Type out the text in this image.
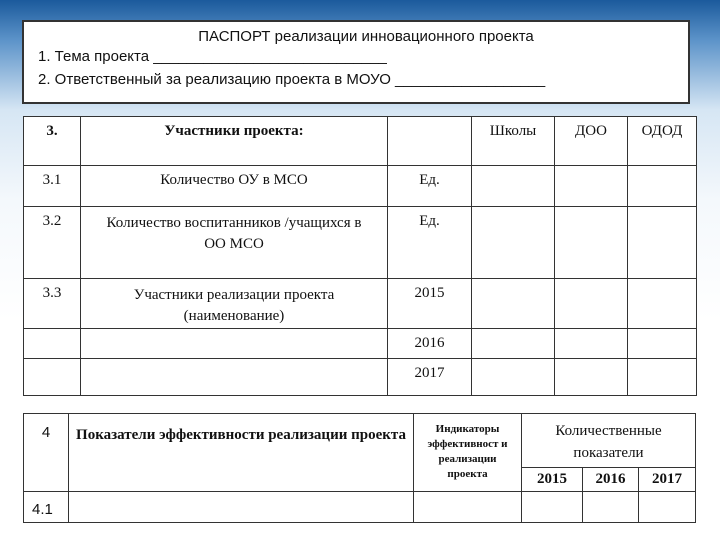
ПАСПОРТ реализации инновационного проекта
1. Тема проекта ____________________________
2. Ответственный за реализацию проекта в МОУО __________________
3.	Участники проекта:		Школы	ДОО	ОДОД
3.1	Количество ОУ в МСО	Ед.			
3.2	Количество воспитанников /учащихся в ОО МСО	Ед.			
3.3	Участники реализации проекта (наименование)	2015			
		2016			
		2017			
4	Показатели эффективности реализации проекта	Индикаторы эффективност и реализации проекта	Количественные показатели		
			2015	2016	2017
4.1					
